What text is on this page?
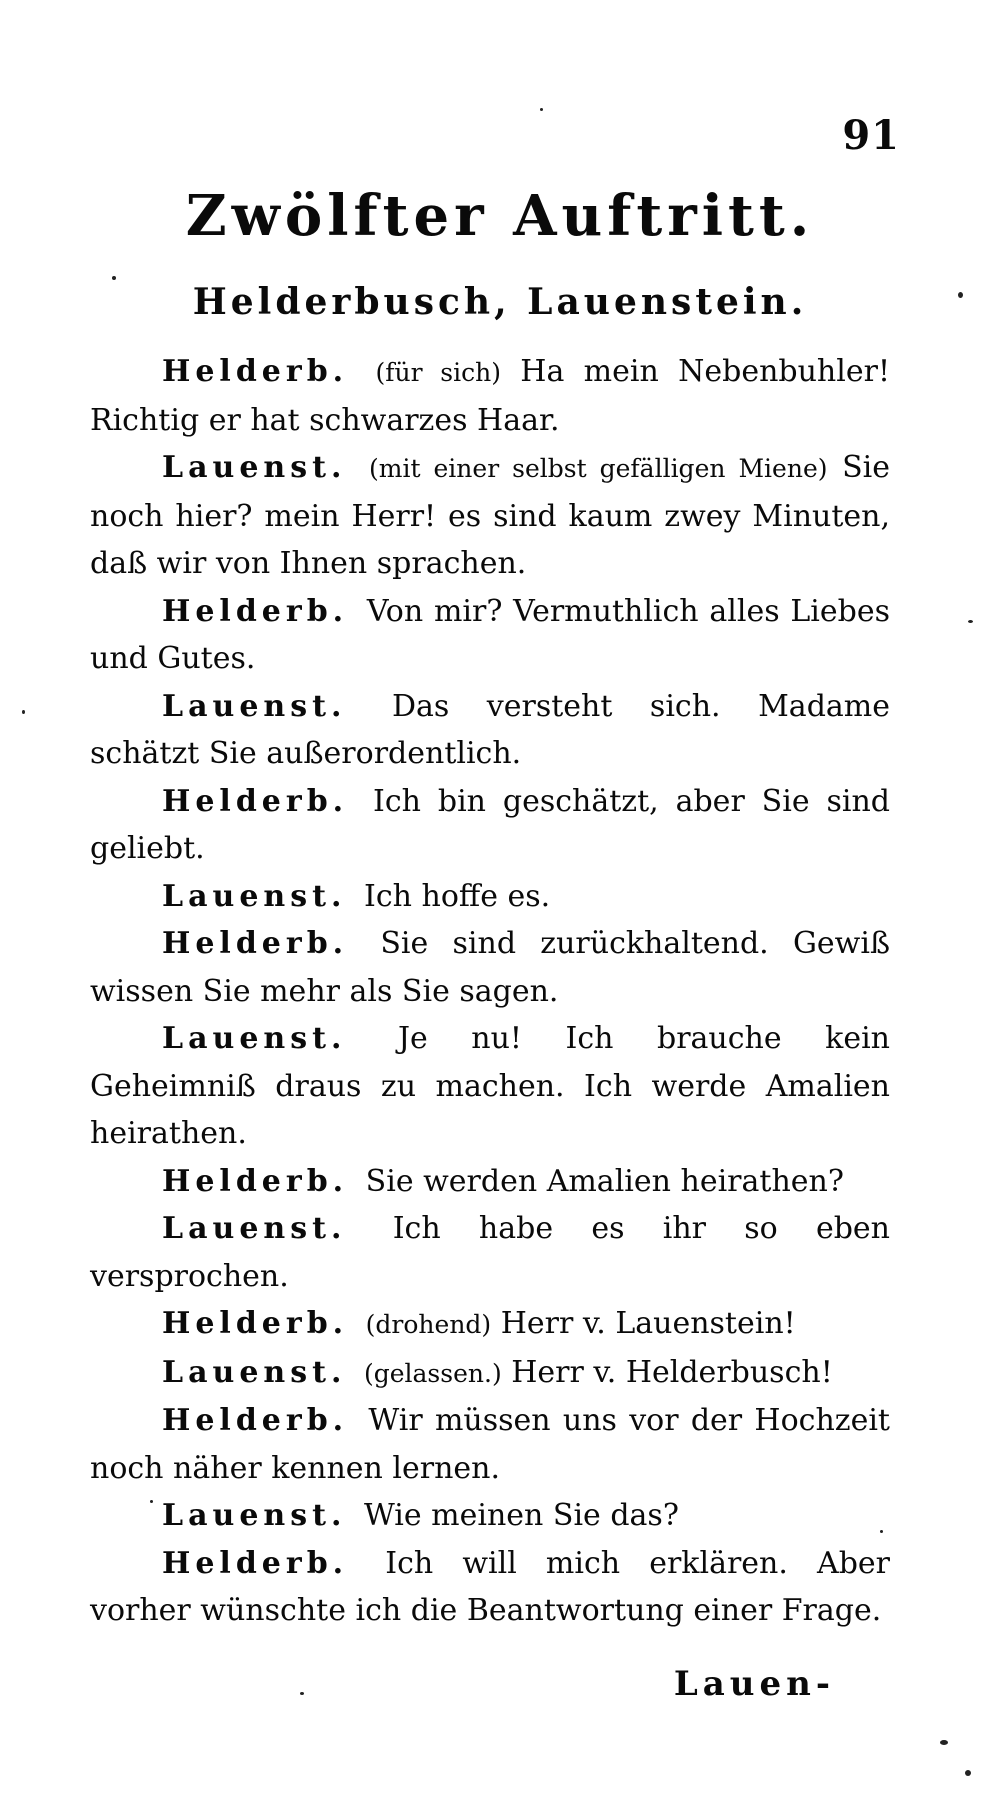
91
Zwölfter Auftritt.
Helderbusch, Lauenstein.

Helderb. (für sich) Ha mein Nebenbuhler! Richtig er hat schwarzes Haar.

Lauenst. (mit einer selbst gefälligen Miene) Sie noch hier? mein Herr! es sind kaum zwey Minuten, daß wir von Ihnen sprachen.

Helderb. Von mir? Vermuthlich alles Liebes und Gutes.

Lauenst. Das versteht sich. Madame schätzt Sie außerordentlich.

Helderb. Ich bin geschätzt, aber Sie sind geliebt.

Lauenst. Ich hoffe es.

Helderb. Sie sind zurückhaltend. Gewiß wissen Sie mehr als Sie sagen.

Lauenst. Je nu! Ich brauche kein Geheimniß draus zu machen. Ich werde Amalien heirathen.

Helderb. Sie werden Amalien heirathen?

Lauenst. Ich habe es ihr so eben versprochen.

Helderb. (drohend) Herr v. Lauenstein!

Lauenst. (gelassen.) Herr v. Helderbusch!

Helderb. Wir müssen uns vor der Hochzeit noch näher kennen lernen.

Lauenst. Wie meinen Sie das?

Helderb. Ich will mich erklären. Aber vorher wünschte ich die Beantwortung einer Frage.

Lauen-
